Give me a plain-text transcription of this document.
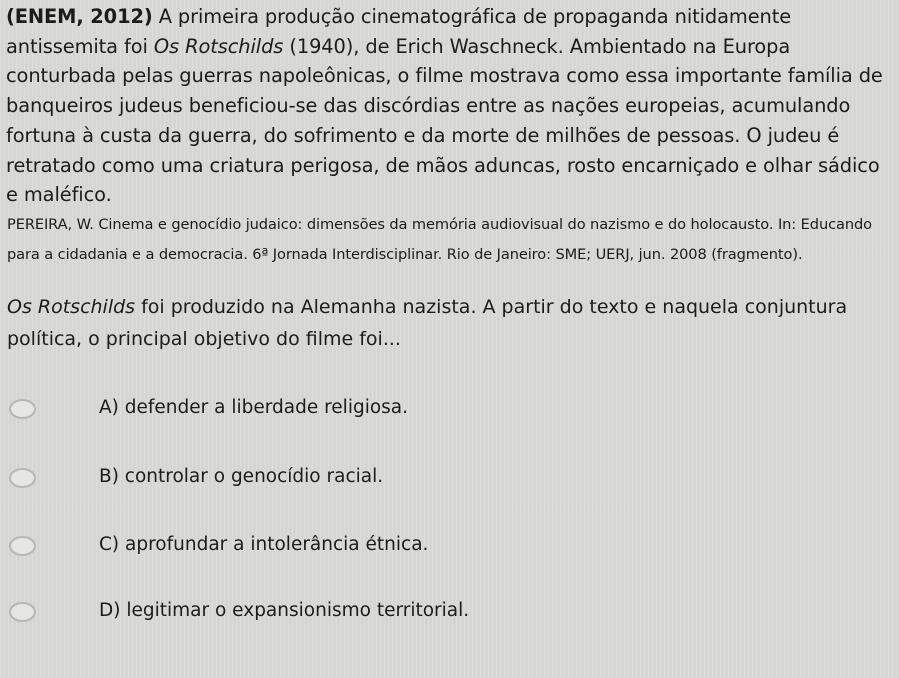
(ENEM, 2012) A primeira produção cinematográfica de propaganda nitidamente antissemita foi Os Rotschilds (1940), de Erich Waschneck. Ambientado na Europa conturbada pelas guerras napoleônicas, o filme mostrava como essa importante família de banqueiros judeus beneficiou-se das discórdias entre as nações europeias, acumulando fortuna à custa da guerra, do sofrimento e da morte de milhões de pessoas. O judeu é retratado como uma criatura perigosa, de mãos aduncas, rosto encarniçado e olhar sádico e maléfico.

PEREIRA, W. Cinema e genocídio judaico: dimensões da memória audiovisual do nazismo e do holocausto. In: Educando para a cidadania e a democracia. 6ª Jornada Interdisciplinar. Rio de Janeiro: SME; UERJ, jun. 2008 (fragmento).

Os Rotschilds foi produzido na Alemanha nazista. A partir do texto e naquela conjuntura política, o principal objetivo do filme foi...

A) defender a liberdade religiosa.
B) controlar o genocídio racial.
C) aprofundar a intolerância étnica.
D) legitimar o expansionismo territorial.
